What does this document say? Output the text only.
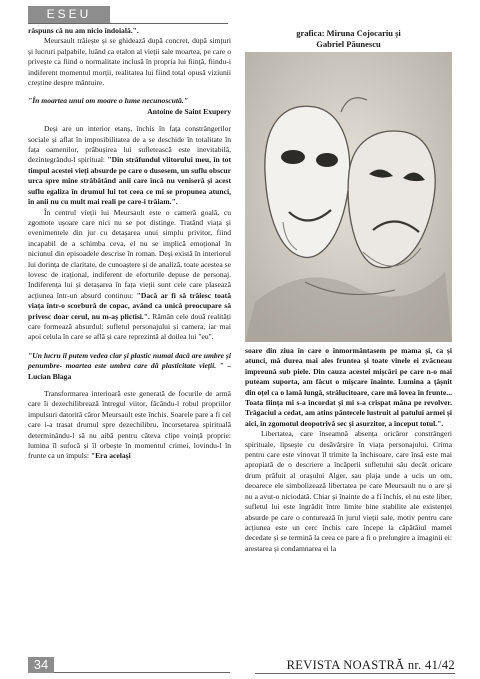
ESEU

răspuns că nu am nicio îndoială.".

Meursault trăiește și se ghidează după concret, după simțuri și lucruri palpabile, luând ca etalon al vieții sale moartea, pe care o privește ca fiind o normalitate inclusă în propria lui ființă, fiindu-i indiferent momentul morții, realitatea lui fiind total opusă viziunii creștine despre mântuire.

"În moartea unui om moare o lume necunoscută."

Antoine de Saint Exupery

Deși are un interior etanș, închis în fața constrângerilor sociale și aflat în imposibilitatea de a se deschide în totalitate în fața oamenilor, prăbușirea lui sufletească este inevitabilă, dezintegrându-l spiritual: "Din străfundul viitorului meu, în tot timpul acestei vieți absurde pe care o dusesem, un suflu obscur urca spre mine străbătând anii care încă nu veniseră și acest suflu egaliza în drumul lui tot ceea ce mi se propunea atunci, în anii nu cu mult mai reali pe care-i trăiam.".

În centrul vieții lui Meursault este o cameră goală, cu zgomote ușoare care nici nu se pot distinge. Tratând viața și evenimentele din jur cu detașarea unui simplu privitor, fiind incapabil de a schimba ceva, el nu se implică emoțional în niciunul din episoadele descrise în roman. Deși există în interiorul lui dorința de claritate, de cunoaștere și de analiză, toate acestea se lovesc de irațional, indiferent de eforturile depuse de personaj. Indiferența lui și detașarea în fața vieții sunt cele care plasează acțiunea într-un absurd continuu: "Dacă ar fi să trăiesc toată viața într-o scorbură de copac, având ca unică preocupare să privesc doar cerul, nu m-aș plictisi.". Rămân cele două realități care formează absurdul: sufletul personajului și camera, iar mai apoi celula în care se află și care reprezintă al doilea lui "eu".

"Un lucru il putem vedea clar și plastic numai dacă are umbre și penumbre- moartea este umbra care dă plasticitate vieții. " – Lucian Blaga

Transformarea interioară este generată de focurile de armă care îi dezechilibrează întregul viitor, făcându-l robul propriilor impulsuri datorită căror Meursault este închis. Soarele pare a fi cel care i-a trasat drumul spre dezechilibru, încorsetarea spirituală determinându-l să nu aibă pentru câteva clipe voință proprie: lumina îl sufocă și îl orbește în momentul crimei, lovindu-l în frunte ca un impuls: "Era același

grafica: Miruna Cojocariu și
Gabriel Păunescu

soare din ziua în care o înmormântasem pe mama și, ca și atunci, mă durea mai ales fruntea și toate vinele ei zvâcneau împreună sub piele. Din cauza acestei mișcări pe care n-o mai puteam suporta, am făcut o mișcare înainte. Lumina a țâșnit din oțel ca o lamă lungă, strălucitoare, care mă lovea în frunte... Toata ființa mi s-a încordat și mi s-a crispat mâna pe revolver. Trăgaciul a cedat, am atins pântecele lustruit al patului armei și aici, în zgomotul deopotrivă sec și asurzitor, a început totul.".

Libertatea, care înseamnă absența oricăror constrângeri spirituale, lipsește cu desăvârșire în viața personajului. Crima pentru care este vinovat îl trimite la închisoare, care însă este mai apropiată de o descriere a încăperii sufletului său decât oricare drum prăfuit al orașului Alger, sau plaja unde a ucis un om, deoarece ele simbolizează libertatea pe care Meursault nu o are și nu a avut-o niciodată. Chiar și înainte de a fi închis, el nu este liber, sufletul lui este îngrădit între limite bine stabilite ale existenței absurde pe care o conturează în jurul vieții sale, motiv pentru care acțiunea este un cerc închis care începe la căpătâiul mamei decedate și se termină la ceea ce pare a fi o prelungire a imaginii ei: arestarea și condamnarea ei la

34	REVISTA NOASTRĂ nr. 41/42
